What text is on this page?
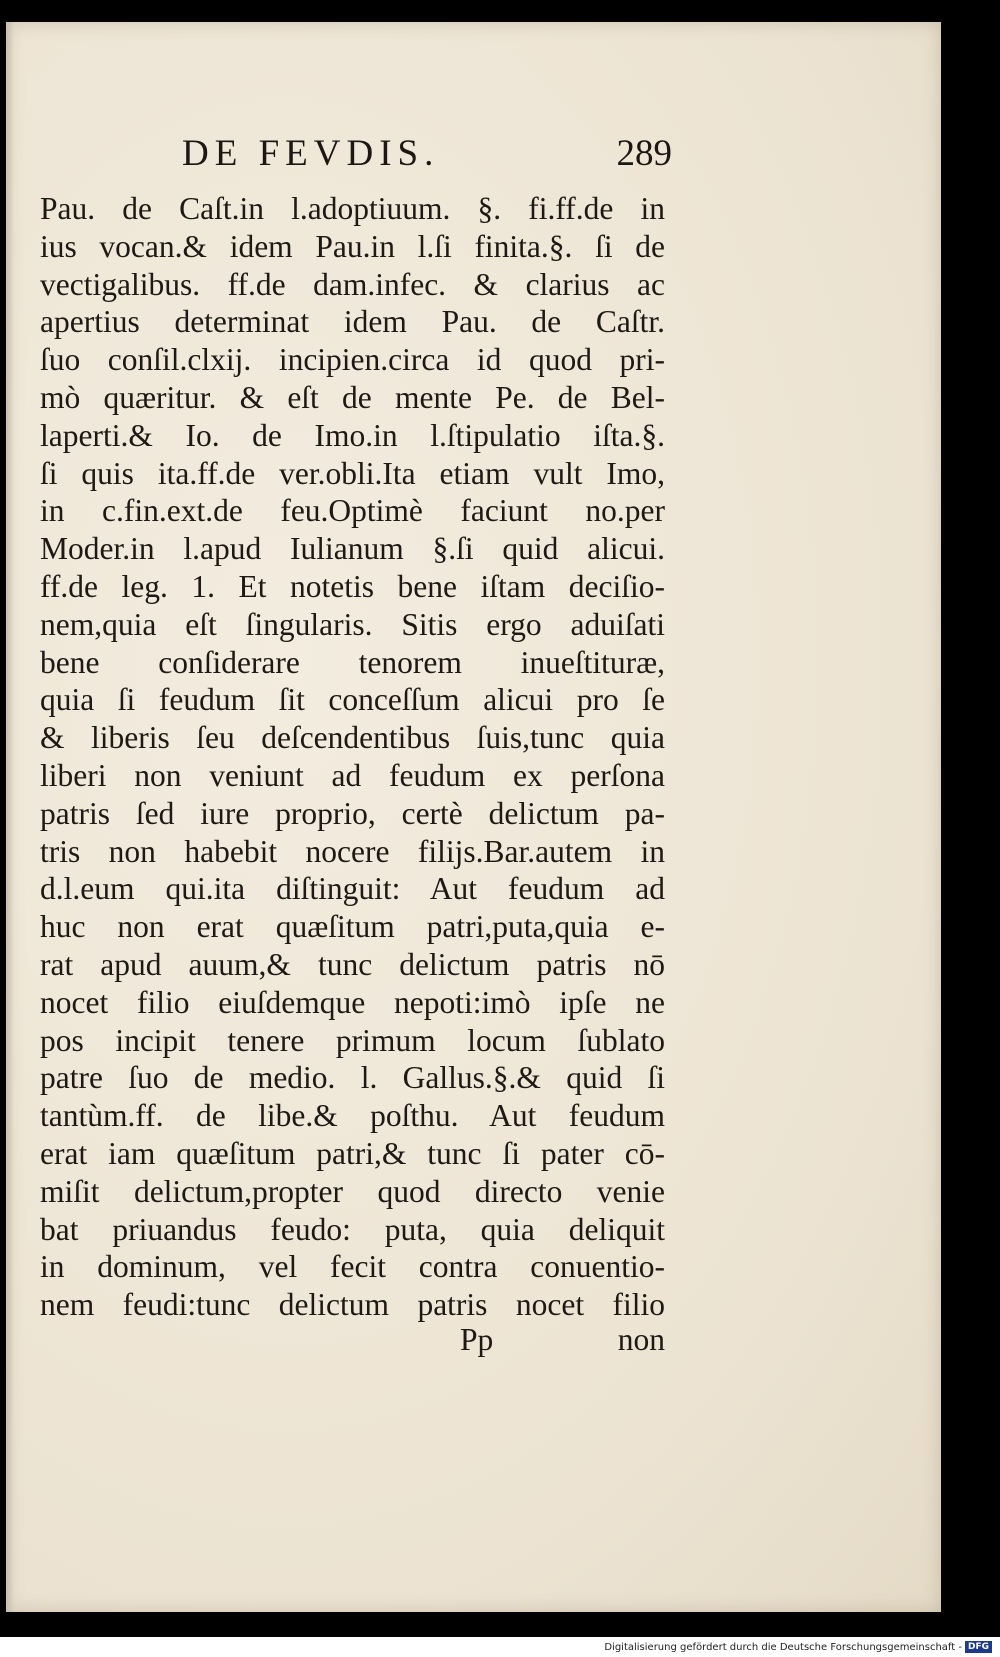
DE FEVDIS.	289
Pau. de Caſt.in l.adoptiuum. §. fi.ff.de in
ius vocan.& idem Pau.in l.ſi finita.§. ſi de
vectigalibus. ff.de dam.infec. & clarius ac
apertius determinat idem Pau. de Caſtr.
ſuo conſil.clxij. incipien.circa id quod pri-
mò quæritur. & eſt de mente Pe. de Bel-
laperti.& Io. de Imo.in l.ſtipulatio iſta.§.
ſi quis ita.ff.de ver.obli.Ita etiam vult Imo,
in c.fin.ext.de feu.Optimè faciunt no.per
Moder.in l.apud Iulianum §.ſi quid alicui.
ff.de leg. 1. Et notetis bene iſtam deciſio-
nem,quia eſt ſingularis. Sitis ergo aduiſati
bene conſiderare tenorem inueſtituræ,
quia ſi feudum ſit conceſſum alicui pro ſe
& liberis ſeu deſcendentibus ſuis,tunc quia
liberi non veniunt ad feudum ex perſona
patris ſed iure proprio, certè delictum pa-
tris non habebit nocere filijs.Bar.autem in
d.l.eum qui.ita diſtinguit: Aut feudum ad
huc non erat quæſitum patri,puta,quia e-
rat apud auum,& tunc delictum patris nō
nocet filio eiuſdemque nepoti:imò ipſe ne
pos incipit tenere primum locum ſublato
patre ſuo de medio. l. Gallus.§.& quid ſi
tantùm.ff. de libe.& poſthu. Aut feudum
erat iam quæſitum patri,& tunc ſi pater cō-
miſit delictum,propter quod directo venie
bat priuandus feudo: puta, quia deliquit
in dominum, vel fecit contra conuentio-
nem feudi:tunc delictum patris nocet filio
Pp	non
Digitalisierung gefördert durch die Deutsche Forschungsgemeinschaft - DFG
